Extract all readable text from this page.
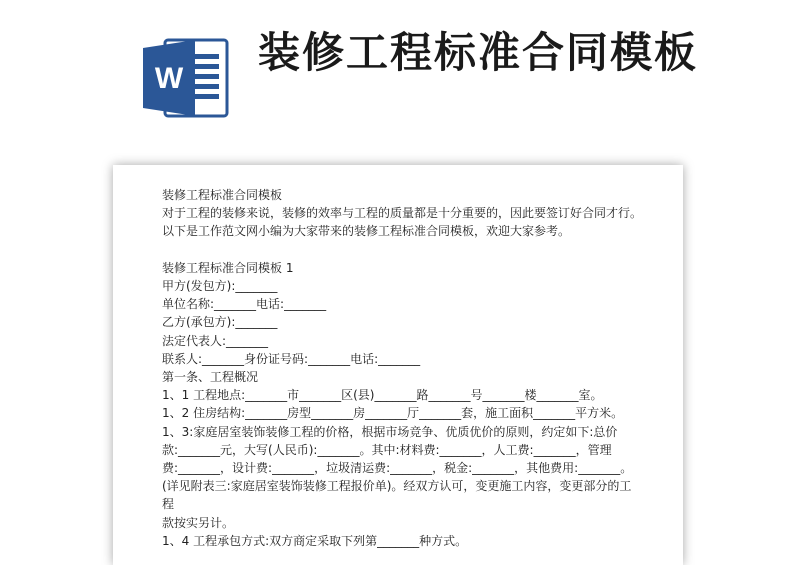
W
装修工程标准合同模板

装修工程标准合同模板

对于工程的装修来说，装修的效率与工程的质量都是十分重要的，因此要签订好合同才行。

以下是工作范文网小编为大家带来的装修工程标准合同模板，欢迎大家参考。

装修工程标准合同模板 1

甲方(发包方):_______

单位名称:_______电话:_______

乙方(承包方):_______

法定代表人:_______

联系人:_______身份证号码:_______电话:_______

第一条、工程概况

1、1 工程地点:_______市_______区(县)_______路_______号_______楼_______室。

1、2 住房结构:_______房型_______房_______厅_______套，施工面积_______平方米。

1、3:家庭居室装饰装修工程的价格，根据市场竞争、优质优价的原则，约定如下:总价

款:_______元，大写(人民币):_______。其中:材料费:_______，人工费:_______，管理

费:_______，设计费:_______，垃圾清运费:_______，税金:_______，其他费用:_______。

(详见附表三:家庭居室装饰装修工程报价单)。经双方认可，变更施工内容，变更部分的工程

款按实另计。

1、4 工程承包方式:双方商定采取下列第_______种方式。
